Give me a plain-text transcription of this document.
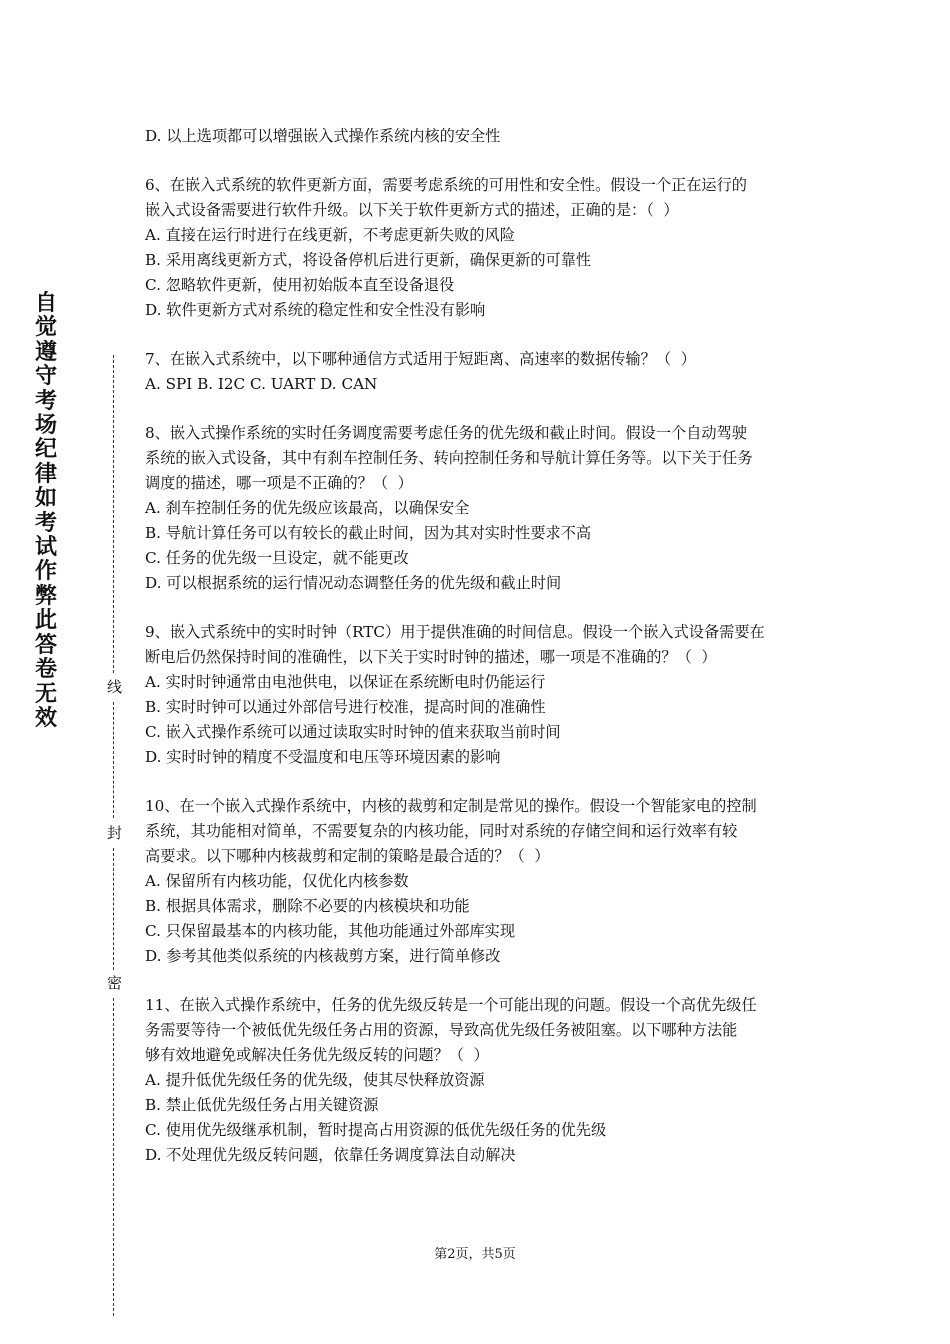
自
觉
遵
守
考
场
纪
律
如
考
试
作
弊
此
答
卷
无
效
线
封
密
D. 以上选项都可以增强嵌入式操作系统内核的安全性
6、在嵌入式系统的软件更新方面，需要考虑系统的可用性和安全性。假设一个正在运行的
嵌入式设备需要进行软件升级。以下关于软件更新方式的描述，正确的是：（  ）
A. 直接在运行时进行在线更新，不考虑更新失败的风险
B. 采用离线更新方式，将设备停机后进行更新，确保更新的可靠性
C. 忽略软件更新，使用初始版本直至设备退役
D. 软件更新方式对系统的稳定性和安全性没有影响
7、在嵌入式系统中，以下哪种通信方式适用于短距离、高速率的数据传输？（  ）
A. SPI B. I2C C. UART D. CAN
8、嵌入式操作系统的实时任务调度需要考虑任务的优先级和截止时间。假设一个自动驾驶
系统的嵌入式设备，其中有刹车控制任务、转向控制任务和导航计算任务等。以下关于任务
调度的描述，哪一项是不正确的？（  ）
A. 刹车控制任务的优先级应该最高，以确保安全
B. 导航计算任务可以有较长的截止时间，因为其对实时性要求不高
C. 任务的优先级一旦设定，就不能更改
D. 可以根据系统的运行情况动态调整任务的优先级和截止时间
9、嵌入式系统中的实时时钟（RTC）用于提供准确的时间信息。假设一个嵌入式设备需要在
断电后仍然保持时间的准确性，以下关于实时时钟的描述，哪一项是不准确的？（  ）
A. 实时时钟通常由电池供电，以保证在系统断电时仍能运行
B. 实时时钟可以通过外部信号进行校准，提高时间的准确性
C. 嵌入式操作系统可以通过读取实时时钟的值来获取当前时间
D. 实时时钟的精度不受温度和电压等环境因素的影响
10、在一个嵌入式操作系统中，内核的裁剪和定制是常见的操作。假设一个智能家电的控制
系统，其功能相对简单，不需要复杂的内核功能，同时对系统的存储空间和运行效率有较
高要求。以下哪种内核裁剪和定制的策略是最合适的？（  ）
A. 保留所有内核功能，仅优化内核参数
B. 根据具体需求，删除不必要的内核模块和功能
C. 只保留最基本的内核功能，其他功能通过外部库实现
D. 参考其他类似系统的内核裁剪方案，进行简单修改
11、在嵌入式操作系统中，任务的优先级反转是一个可能出现的问题。假设一个高优先级任
务需要等待一个被低优先级任务占用的资源，导致高优先级任务被阻塞。以下哪种方法能
够有效地避免或解决任务优先级反转的问题？（  ）
A. 提升低优先级任务的优先级，使其尽快释放资源
B. 禁止低优先级任务占用关键资源
C. 使用优先级继承机制，暂时提高占用资源的低优先级任务的优先级
D. 不处理优先级反转问题，依靠任务调度算法自动解决
第2页，共5页
